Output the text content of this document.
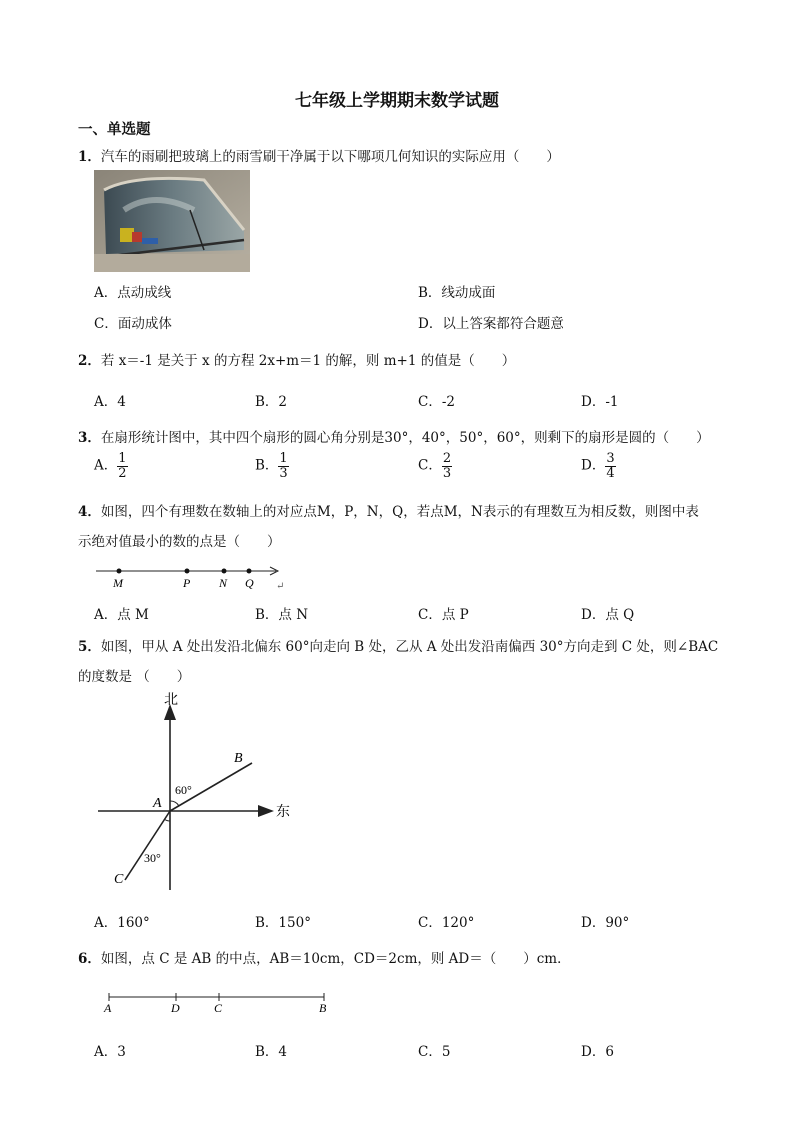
七年级上学期期末数学试题
一、单选题
1．汽车的雨刷把玻璃上的雨雪刷干净属于以下哪项几何知识的实际应用（　　）
A．点动成线	B．线动成面
C．面动成体	D．以上答案都符合题意
2．若 x＝-1 是关于 x 的方程 2x+m＝1 的解，则 m+1 的值是（　　）
A．4	B．2	C．-2	D．-1
3．在扇形统计图中，其中四个扇形的圆心角分别是30°，40°，50°，60°，则剩下的扇形是圆的（　　）
A． $\frac{1}{2}$	B． $\frac{1}{3}$	C． $\frac{2}{3}$	D． $\frac{3}{4}$
4．如图，四个有理数在数轴上的对应点M，P，N，Q，若点M，N表示的有理数互为相反数，则图中表
示绝对值最小的数的点是（　　）
M	P N Q ↵
A．点 M	B．点 N	C．点 P	D．点 Q
5．如图，甲从 A 处出发沿北偏东 60°向走向 B 处，乙从 A 处出发沿南偏西 30°方向走到 C 处，则∠BAC
的度数是 （　　）
北
东
A
B
C
60°
30°
A．160°	B．150°	C．120°	D．90°
6．如图，点 C 是 AB 的中点，AB＝10cm，CD＝2cm，则 AD＝（　　）cm．
A	D	C	B
A．3	B．4	C．5	D．6
